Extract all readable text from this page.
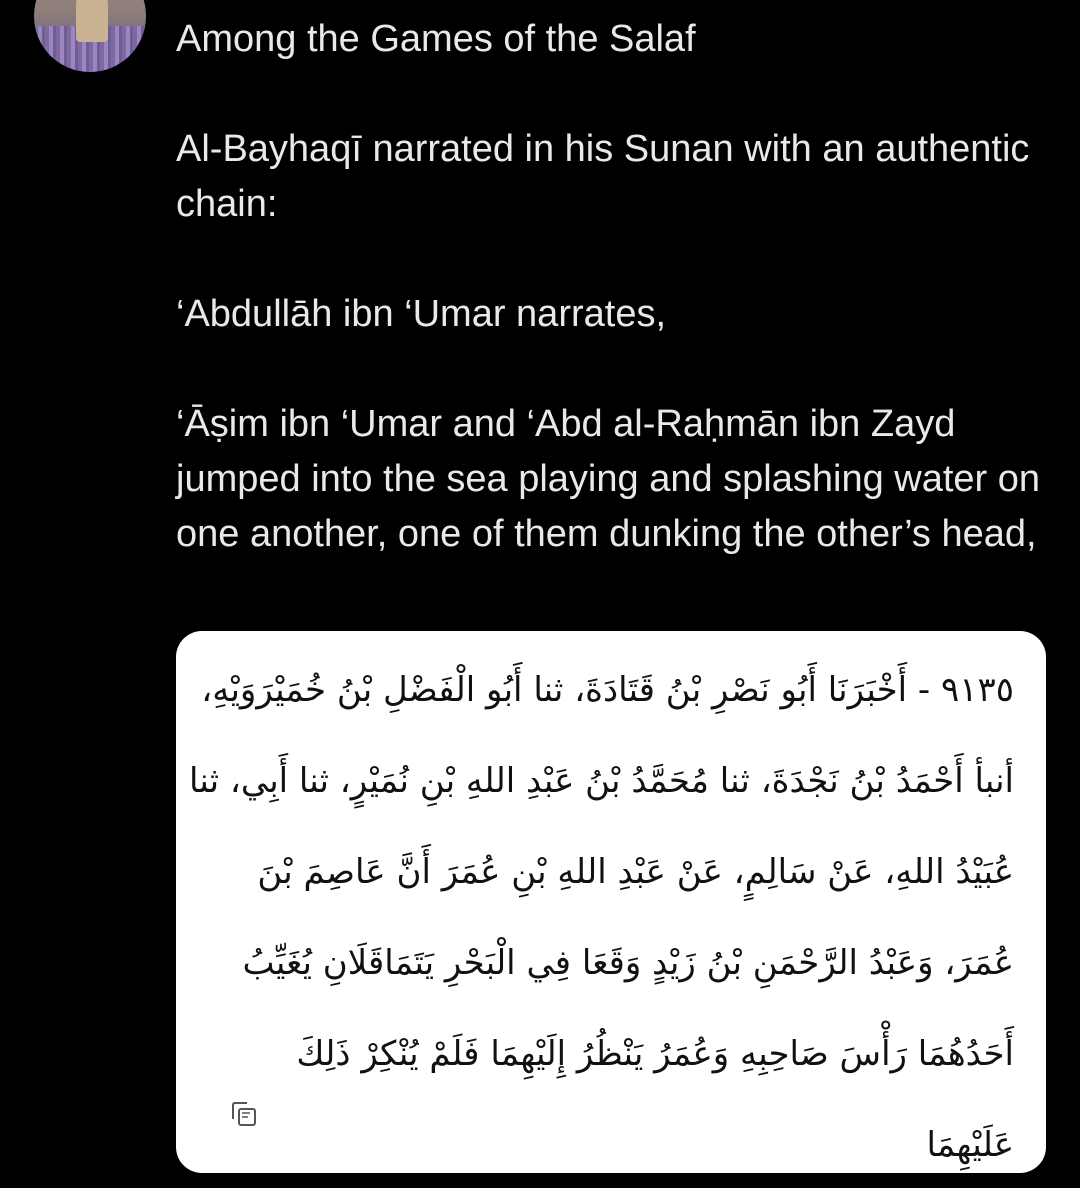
Among the Games of the Salaf

Al-Bayhaqī narrated in his Sunan with an authentic chain:

‘Abdullāh ibn ‘Umar narrates,

‘Āṣim ibn ‘Umar and ‘Abd al-Raḥmān ibn Zayd jumped into the sea playing and splashing water on one another, one of them dunking the other’s head,

٩١٣٥ - أَخْبَرَنَا أَبُو نَصْرِ بْنُ قَتَادَةَ، ثنا أَبُو الْفَضْلِ بْنُ خُمَيْرَوَيْهِ،
أنبأ أَحْمَدُ بْنُ نَجْدَةَ، ثنا مُحَمَّدُ بْنُ عَبْدِ اللهِ بْنِ نُمَيْرٍ، ثنا أَبِي، ثنا
عُبَيْدُ اللهِ، عَنْ سَالِمٍ، عَنْ عَبْدِ اللهِ بْنِ عُمَرَ أَنَّ عَاصِمَ بْنَ
عُمَرَ، وَعَبْدُ الرَّحْمَنِ بْنُ زَيْدٍ وَقَعَا فِي الْبَحْرِ يَتَمَاقَلَانِ يُغَيِّبُ
أَحَدُهُمَا رَأْسَ صَاحِبِهِ وَعُمَرُ يَنْظُرُ إِلَيْهِمَا فَلَمْ يُنْكِرْ ذَلِكَ
عَلَيْهِمَا
